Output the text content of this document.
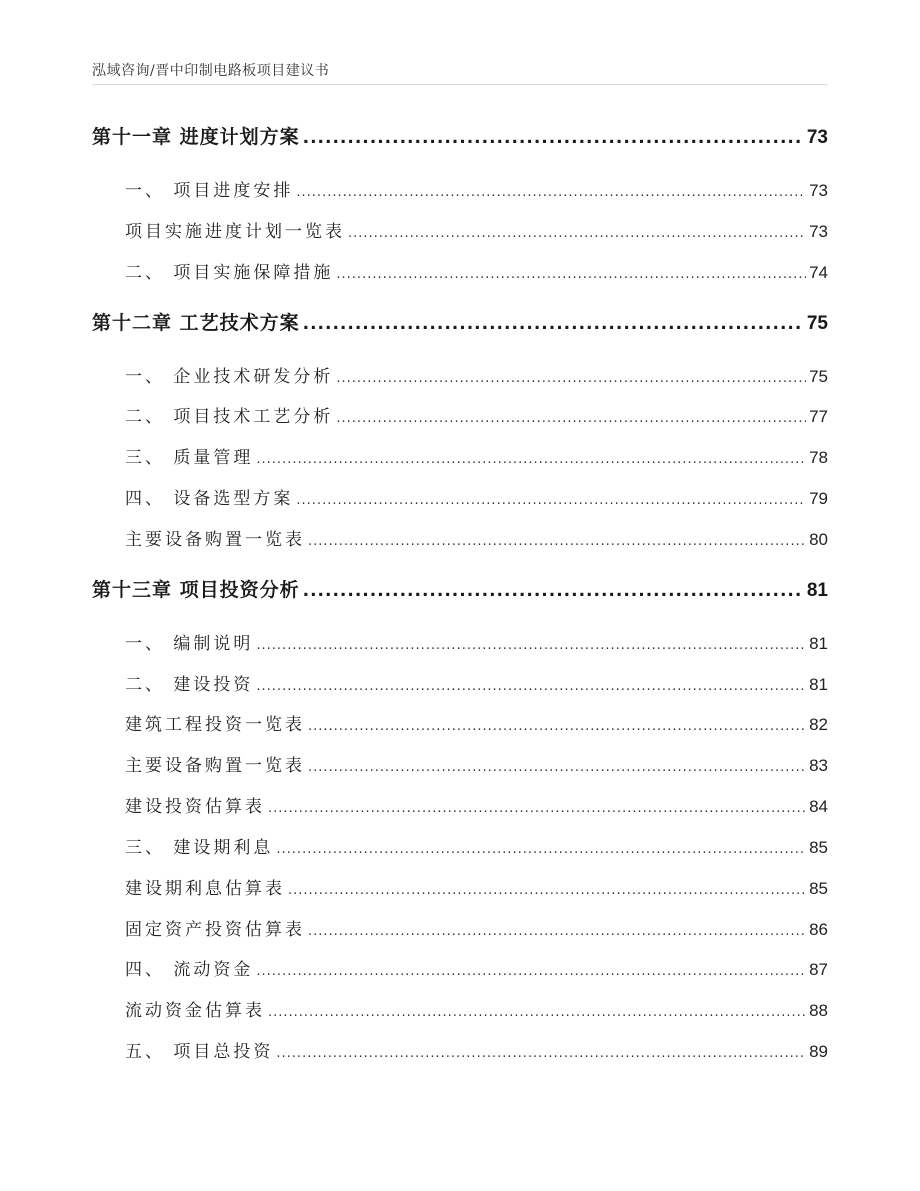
泓域咨询/晋中印制电路板项目建议书
第十一章 进度计划方案 .....	73
一、 项目进度安排 .....	73
项目实施进度计划一览表 .....	73
二、 项目实施保障措施 .....	74
第十二章 工艺技术方案 .....	75
一、 企业技术研发分析 .....	75
二、 项目技术工艺分析 .....	77
三、 质量管理 .....	78
四、 设备选型方案 .....	79
主要设备购置一览表 .....	80
第十三章 项目投资分析 .....	81
一、 编制说明 .....	81
二、 建设投资 .....	81
建筑工程投资一览表 .....	82
主要设备购置一览表 .....	83
建设投资估算表 .....	84
三、 建设期利息 .....	85
建设期利息估算表 .....	85
固定资产投资估算表 .....	86
四、 流动资金 .....	87
流动资金估算表 .....	88
五、 项目总投资 .....	89
